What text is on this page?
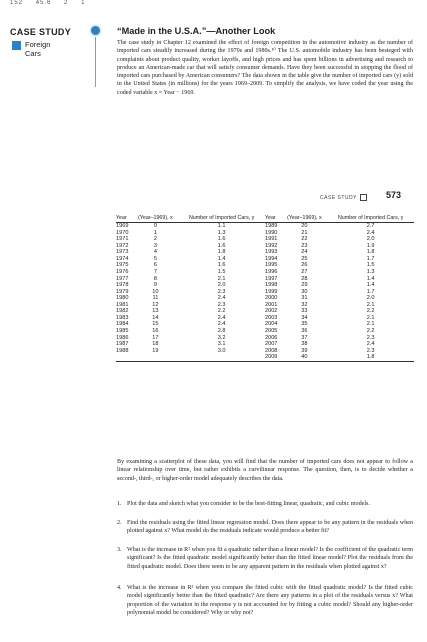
152 45.6 2 1
CASE STUDY
Foreign
Cars
“Made in the U.S.A.”—Another Look
The case study in Chapter 12 examined the effect of foreign competition in the automotive industry as the number of imported cars steadily increased during the 1970s and 1980s.¹⁰ The U.S. automobile industry has been besieged with complaints about product quality, worker layoffs, and high prices and has spent billions in advertising and research to produce an American-made car that will satisfy consumer demands. Have they been successful in stopping the flood of imported cars purchased by American consumers? The data shown in the table give the number of imported cars (y) sold in the United States (in millions) for the years 1969–2009. To simplify the analysis, we have coded the year using the coded variable x = Year − 1969.
CASE STUDY	573
Year	(Year–1969), x	Number of Imported Cars, y	Year	(Year–1969), x	Number of Imported Cars, y
1969	0	1.1	1989	20	2.7
1970	1	1.3	1990	21	2.4
1971	2	1.6	1991	22	2.0
1972	3	1.6	1992	23	1.9
1973	4	1.8	1993	24	1.8
1974	5	1.4	1994	25	1.7
1975	6	1.6	1995	26	1.5
1976	7	1.5	1996	27	1.3
1977	8	2.1	1997	28	1.4
1978	9	2.0	1998	29	1.4
1979	10	2.3	1999	30	1.7
1980	11	2.4	2000	31	2.0
1981	12	2.3	2001	32	2.1
1982	13	2.2	2002	33	2.2
1983	14	2.4	2003	34	2.1
1984	15	2.4	2004	35	2.1
1985	16	2.8	2005	36	2.2
1986	17	3.2	2006	37	2.3
1987	18	3.1	2007	38	2.4
1988	19	3.0	2008	39	2.3
			2009	40	1.8
By examining a scatterplot of these data, you will find that the number of imported cars does not appear to follow a linear relationship over time, but rather exhibits a curvilinear response. The question, then, is to decide whether a second-, third-, or higher-order model adequately describes the data.
1. Plot the data and sketch what you consider to be the best-fitting linear, quadratic, and cubic models.
2. Find the residuals using the fitted linear regression model. Does there appear to be any pattern in the residuals when plotted against x? What model do the residuals indicate would produce a better fit?
3. What is the increase in R² when you fit a quadratic rather than a linear model? Is the coefficient of the quadratic term significant? Is the fitted quadratic model significantly better than the fitted linear model? Plot the residuals from the fitted quadratic model. Does there seem to be any apparent pattern in the residuals when plotted against x?
4. What is the increase in R² when you compare the fitted cubic with the fitted quadratic model? Is the fitted cubic model significantly better than the fitted quadratic? Are there any patterns in a plot of the residuals versus x? What proportion of the variation in the response y is not accounted for by fitting a cubic model? Should any higher-order polynomial model be considered? Why or why not?
